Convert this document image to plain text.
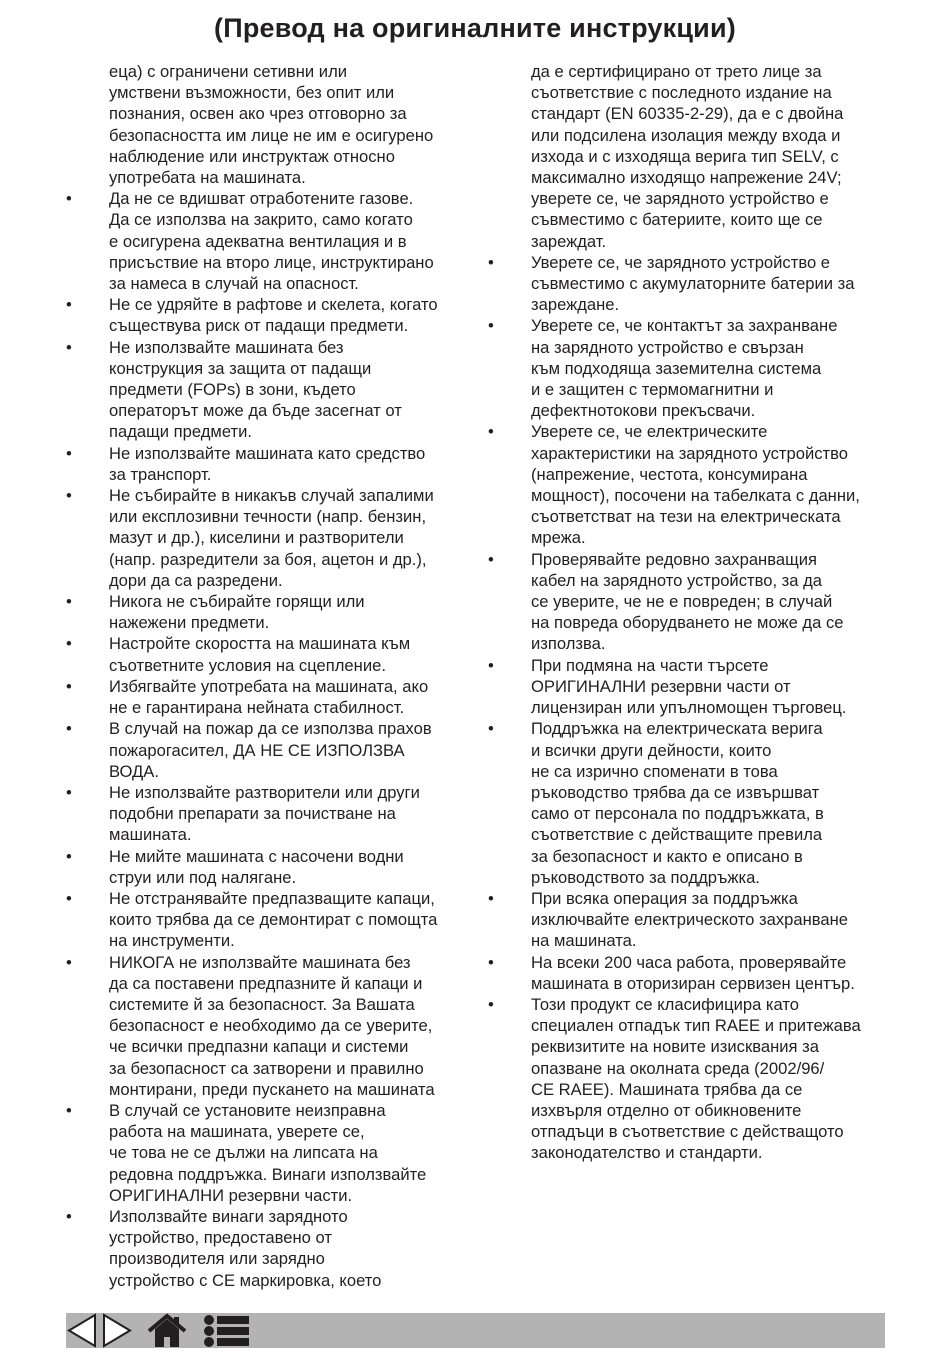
(Превод на оригиналните инструкции)
еца) с ограничени сетивни или
умствени възможности, без опит или
познания, освен ако чрез отговорно за
безопасността им лице не им е осигурено
наблюдение или инструктаж относно
употребата на машината.
• Да не се вдишват отработените газове.
Да се използва на закрито, само когато
е осигурена адекватна вентилация и в
присъствие на второ лице, инструктирано
за намеса в случай на опасност.
• Не се удряйте в рафтове и скелета, когато
съществува риск от падащи предмети.
• Не използвайте машината без
конструкция за защита от падащи
предмети (FOPs) в зони, където
операторът може да бъде засегнат от
падащи предмети.
• Не използвайте машината като средство
за транспорт.
• Не събирайте в никакъв случай запалими
или експлозивни течности (напр. бензин,
мазут и др.), киселини и разтворители
(напр. разредители за боя, ацетон и др.),
дори да са разредени.
• Никога не събирайте горящи или
нажежени предмети.
• Настройте скоростта на машината към
съответните условия на сцепление.
• Избягвайте употребата на машината, ако
не е гарантирана нейната стабилност.
• В случай на пожар да се използва прахов
пожарогасител, ДА НЕ СЕ ИЗПОЛЗВА
ВОДА.
• Не използвайте разтворители или други
подобни препарати за почистване на
машината.
• Не мийте машината с насочени водни
струи или под налягане.
• Не отстранявайте предпазващите капаци,
които трябва да се демонтират с помощта
на инструменти.
• НИКОГА не използвайте машината без
да са поставени предпазните й капаци и
системите й за безопасност. За Вашата
безопасност е необходимо да се уверите,
че всички предпазни капаци и системи
за безопасност са затворени и правилно
монтирани, преди пускането на машината
• В случай се установите неизправна
работа на машината, уверете се,
че това не се дължи на липсата на
редовна поддръжка. Винаги използвайте
ОРИГИНАЛНИ резервни части.
• Използвайте винаги зарядното
устройство, предоставено от
производителя или зарядно
устройство с СЕ маркировка, което
да е сертифицирано от трето лице за
съответствие с последното издание на
стандарт (EN 60335-2-29), да е с двойна
или подсилена изолация между входа и
изхода и с изходяща верига тип SELV, с
максимално изходящо напрежение 24V;
уверете се, че зарядното устройство е
съвместимо с батериите, които ще се
зареждат.
• Уверете се, че зарядното устройство е
съвместимо с акумулаторните батерии за
зареждане.
• Уверете се, че контактът за захранване
на зарядното устройство е свързан
към подходяща заземителна система
и е защитен с термомагнитни и
дефектнотокови прекъсвачи.
• Уверете се, че електрическите
характеристики на зарядното устройство
(напрежение, честота, консумирана
мощност), посочени на табелката с данни,
съответстват на тези на електрическата
мрежа.
• Проверявайте редовно захранващия
кабел на зарядното устройство, за да
се уверите, че не е повреден; в случай
на повреда оборудването не може да се
използва.
• При подмяна на части търсете
ОРИГИНАЛНИ резервни части от
лицензиран или упълномощен търговец.
• Поддръжка на електрическата верига
и всички други дейности, които
не са изрично споменати в това
ръководство трябва да се извършват
само от персонала по поддръжката, в
съответствие с действащите превила
за безопасност и както е описано в
ръководството за поддръжка.
• При всяка операция за поддръжка
изключвайте електрическото захранване
на машината.
• На всеки 200 часа работа, проверявайте
машината в оторизиран сервизен център.
• Този продукт се класифицира като
специален отпадък тип RAEE и притежава
реквизитите на новите изисквания за
опазване на околната среда (2002/96/
CE RAEE). Машината трябва да се
изхвърля отделно от обикновените
отпадъци в съответствие с действащото
законодателство и стандарти.
